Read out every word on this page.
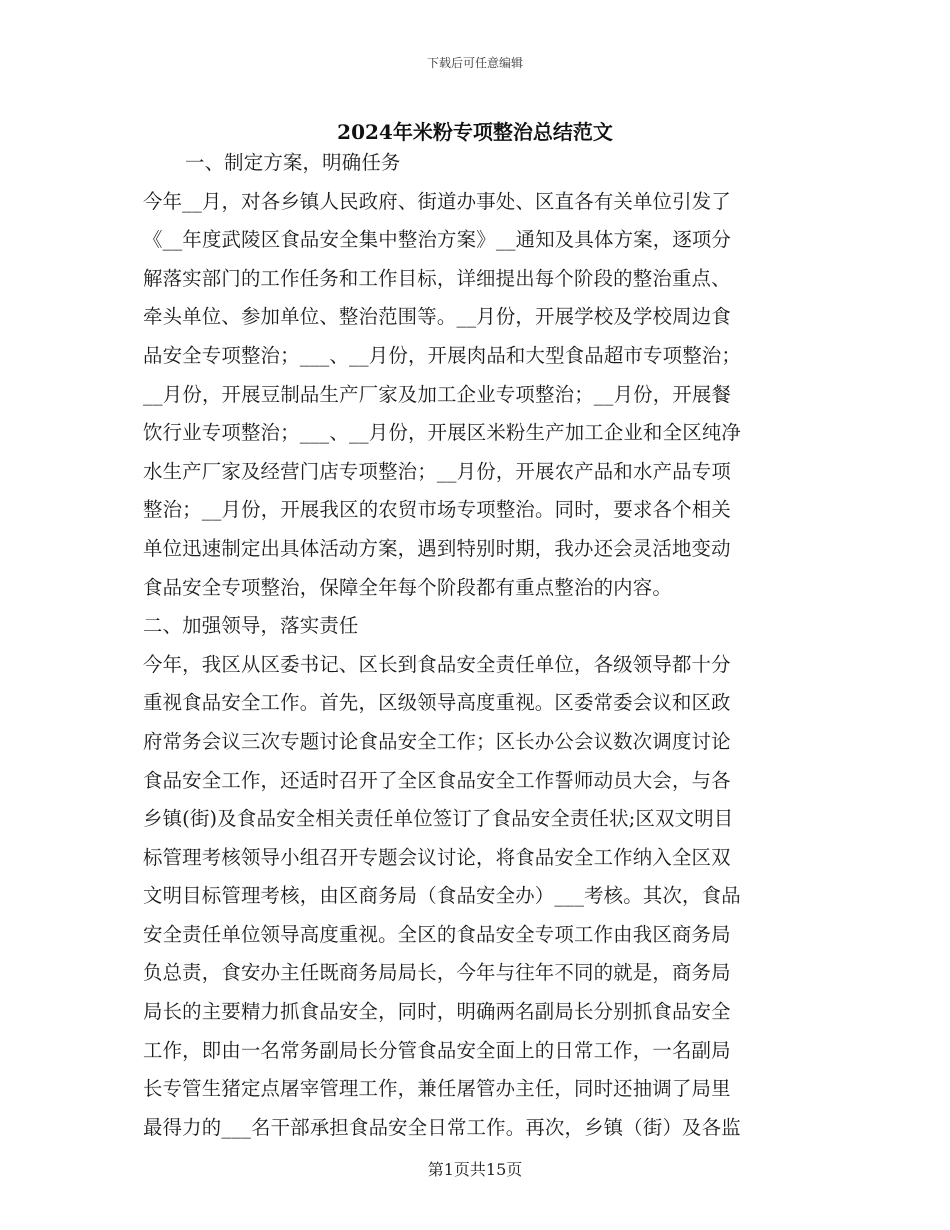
下载后可任意编辑
2024年米粉专项整治总结范文
一、制定方案，明确任务
今年__月，对各乡镇人民政府、街道办事处、区直各有关单位引发了
《__年度武陵区食品安全集中整治方案》__通知及具体方案，逐项分
解落实部门的工作任务和工作目标，详细提出每个阶段的整治重点、
牵头单位、参加单位、整治范围等。__月份，开展学校及学校周边食
品安全专项整治；___、__月份，开展肉品和大型食品超市专项整治；
__月份，开展豆制品生产厂家及加工企业专项整治；__月份，开展餐
饮行业专项整治；___、__月份，开展区米粉生产加工企业和全区纯净
水生产厂家及经营门店专项整治；__月份，开展农产品和水产品专项
整治；__月份，开展我区的农贸市场专项整治。同时，要求各个相关
单位迅速制定出具体活动方案，遇到特别时期，我办还会灵活地变动
食品安全专项整治，保障全年每个阶段都有重点整治的内容。
二、加强领导，落实责任
今年，我区从区委书记、区长到食品安全责任单位，各级领导都十分
重视食品安全工作。首先，区级领导高度重视。区委常委会议和区政
府常务会议三次专题讨论食品安全工作；区长办公会议数次调度讨论
食品安全工作，还适时召开了全区食品安全工作誓师动员大会，与各
乡镇(街)及食品安全相关责任单位签订了食品安全责任状;区双文明目
标管理考核领导小组召开专题会议讨论，将食品安全工作纳入全区双
文明目标管理考核，由区商务局（食品安全办）___考核。其次，食品
安全责任单位领导高度重视。全区的食品安全专项工作由我区商务局
负总责，食安办主任既商务局局长，今年与往年不同的就是，商务局
局长的主要精力抓食品安全，同时，明确两名副局长分别抓食品安全
工作，即由一名常务副局长分管食品安全面上的日常工作，一名副局
长专管生猪定点屠宰管理工作，兼任屠管办主任，同时还抽调了局里
最得力的___名干部承担食品安全日常工作。再次，乡镇（街）及各监
第1页共15页
